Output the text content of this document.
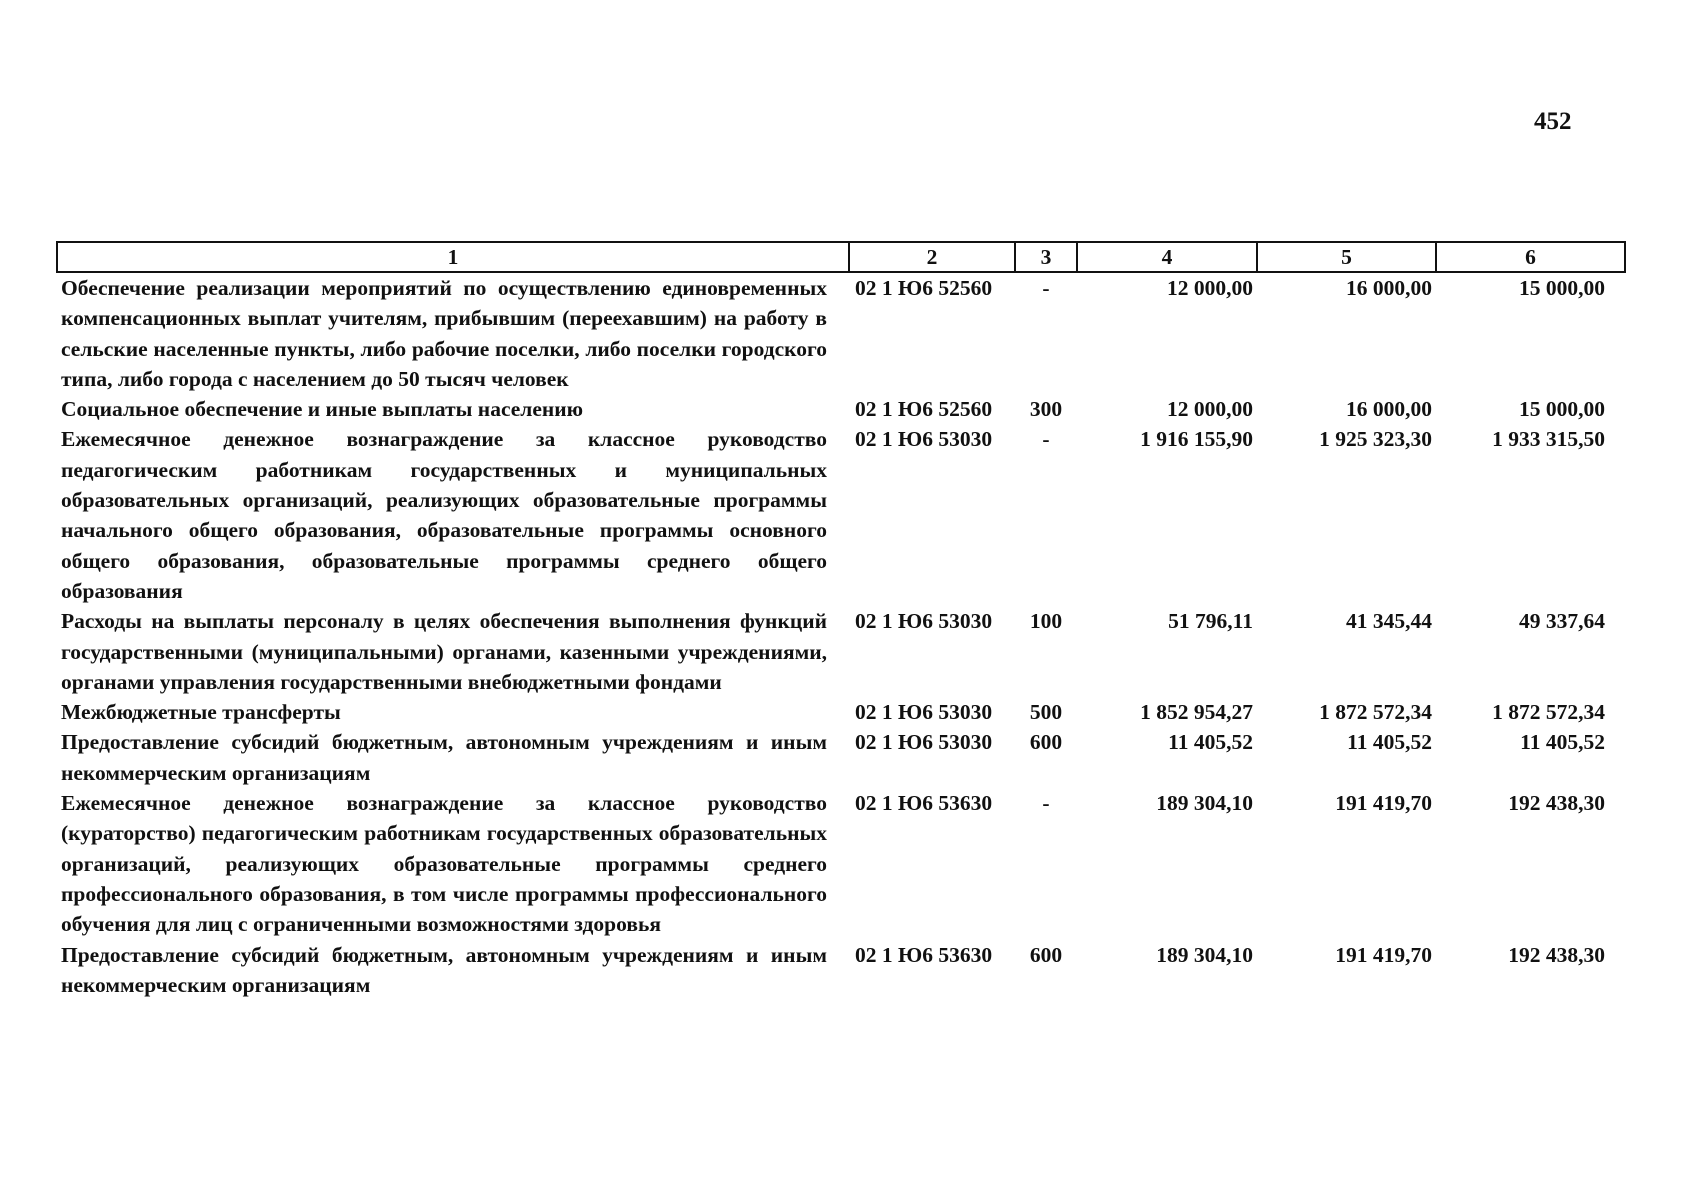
452
1	2	3	4	5	6
Обеспечение реализации мероприятий по осуществлению единовременных компенсационных выплат учителям, прибывшим (переехавшим) на работу в сельские населенные пункты, либо рабочие поселки, либо поселки городского типа, либо города с населением до 50 тысяч человек	02 1 Ю6 52560	-	12 000,00	16 000,00	15 000,00
Социальное обеспечение и иные выплаты населению	02 1 Ю6 52560	300	12 000,00	16 000,00	15 000,00
Ежемесячное денежное вознаграждение за классное руководство педагогическим работникам государственных и муниципальных образовательных организаций, реализующих образовательные программы начального общего образования, образовательные программы основного общего образования, образовательные программы среднего общего образования	02 1 Ю6 53030	-	1 916 155,90	1 925 323,30	1 933 315,50
Расходы на выплаты персоналу в целях обеспечения выполнения функций государственными (муниципальными) органами, казенными учреждениями, органами управления государственными внебюджетными фондами	02 1 Ю6 53030	100	51 796,11	41 345,44	49 337,64
Межбюджетные трансферты	02 1 Ю6 53030	500	1 852 954,27	1 872 572,34	1 872 572,34
Предоставление субсидий бюджетным, автономным учреждениям и иным некоммерческим организациям	02 1 Ю6 53030	600	11 405,52	11 405,52	11 405,52
Ежемесячное денежное вознаграждение за классное руководство (кураторство) педагогическим работникам государственных образовательных организаций, реализующих образовательные программы среднего профессионального образования, в том числе программы профессионального обучения для лиц с ограниченными возможностями здоровья	02 1 Ю6 53630	-	189 304,10	191 419,70	192 438,30
Предоставление субсидий бюджетным, автономным учреждениям и иным некоммерческим организациям	02 1 Ю6 53630	600	189 304,10	191 419,70	192 438,30
